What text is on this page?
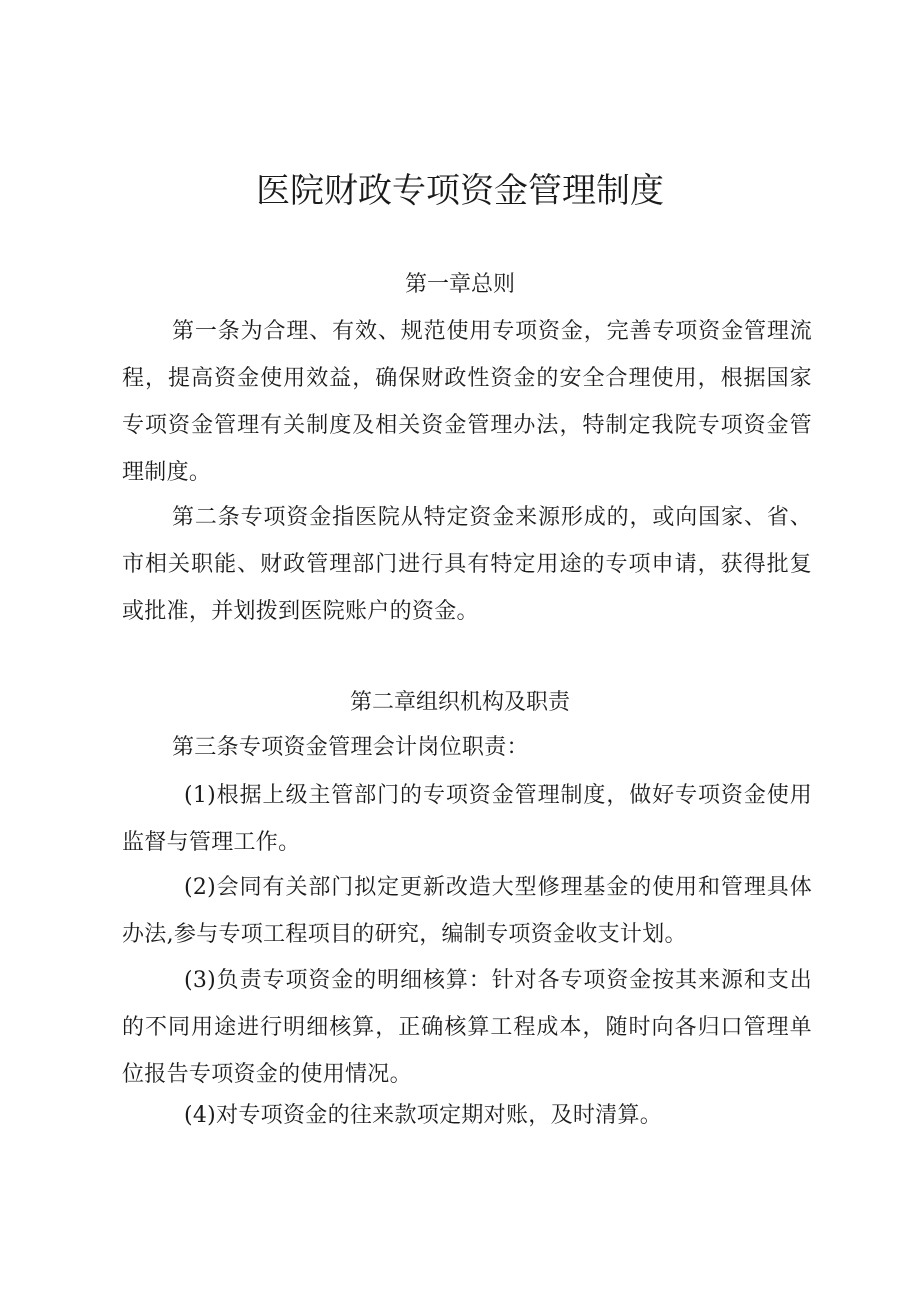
医院财政专项资金管理制度
第一章总则

第一条为合理、有效、规范使用专项资金，完善专项资金管理流程，提高资金使用效益，确保财政性资金的安全合理使用，根据国家专项资金管理有关制度及相关资金管理办法，特制定我院专项资金管理制度。

第二条专项资金指医院从特定资金来源形成的，或向国家、省、市相关职能、财政管理部门进行具有特定用途的专项申请，获得批复或批准，并划拨到医院账户的资金。

第二章组织机构及职责

第三条专项资金管理会计岗位职责：

(1)根据上级主管部门的专项资金管理制度，做好专项资金使用监督与管理工作。

(2)会同有关部门拟定更新改造大型修理基金的使用和管理具体办法,参与专项工程项目的研究，编制专项资金收支计划。

(3)负责专项资金的明细核算：针对各专项资金按其来源和支出的不同用途进行明细核算，正确核算工程成本，随时向各归口管理单位报告专项资金的使用情况。

(4)对专项资金的往来款项定期对账，及时清算。
